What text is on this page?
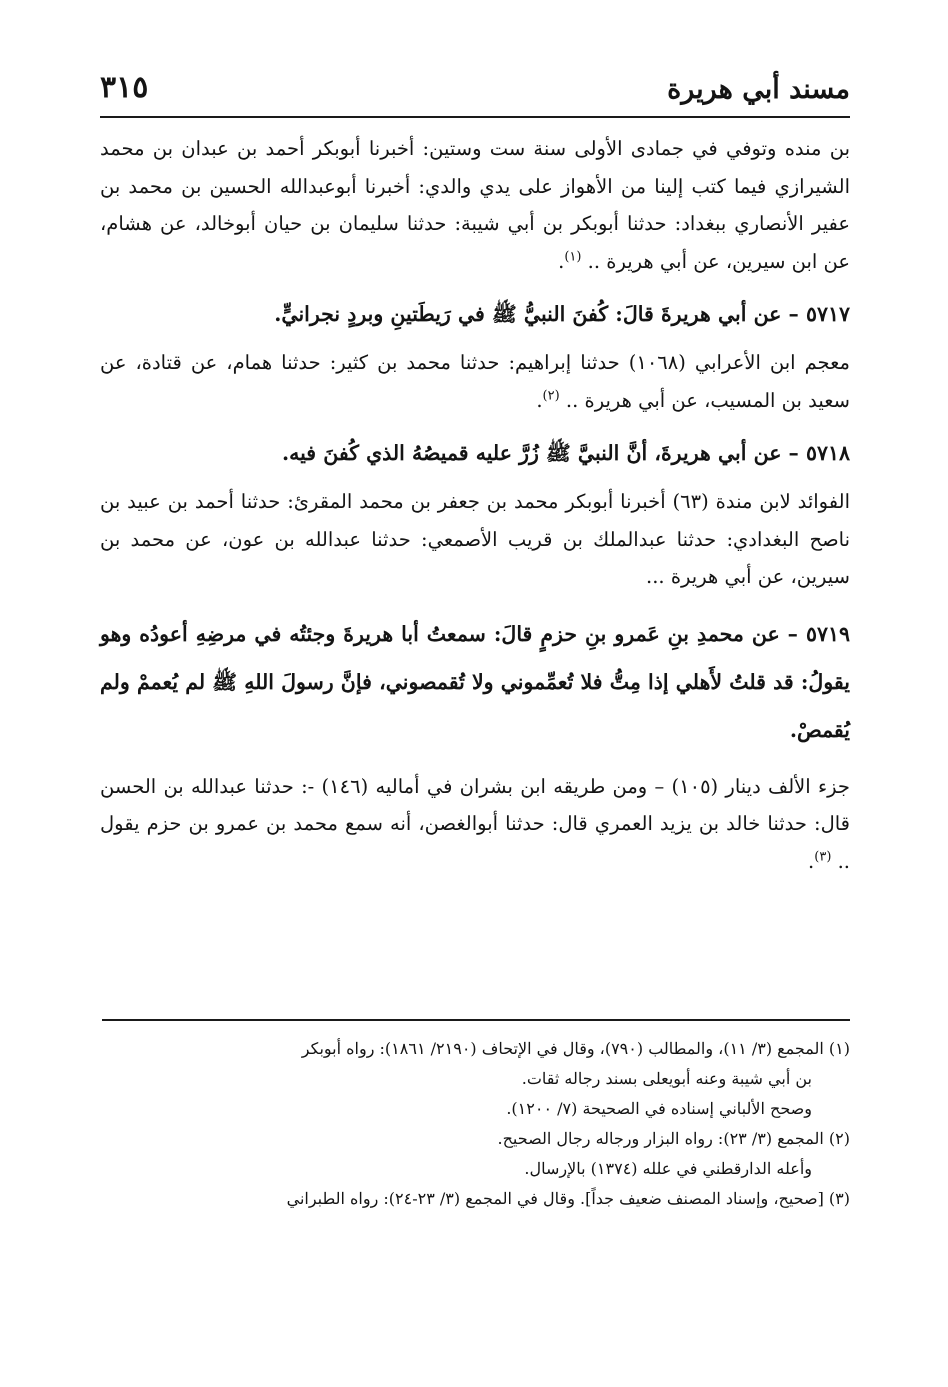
مسند أبي هريرة
٣١٥

بن منده وتوفي في جمادى الأولى سنة ست وستين: أخبرنا أبوبكر أحمد بن عبدان بن محمد الشيرازي فيما كتب إلينا من الأهواز على يدي والدي: أخبرنا أبوعبدالله الحسين بن محمد بن عفير الأنصاري ببغداد: حدثنا أبوبكر بن أبي شيبة: حدثنا سليمان بن حيان أبوخالد، عن هشام، عن ابن سيرين، عن أبي هريرة .. $^{(١)}$.

٥٧١٧ – عن أبي هريرةَ قالَ: كُفنَ النبيُّ ﷺ في رَيطَتينِ وبردٍ نجرانيٍّ.

معجم ابن الأعرابي (١٠٦٨) حدثنا إبراهيم: حدثنا محمد بن كثير: حدثنا همام، عن قتادة، عن سعيد بن المسيب، عن أبي هريرة .. $^{(٢)}$.

٥٧١٨ – عن أبي هريرةَ، أنَّ النبيَّ ﷺ زُرَّ عليه قميصُهُ الذي كُفنَ فيه.

الفوائد لابن مندة (٦٣) أخبرنا أبوبكر محمد بن جعفر بن محمد المقرئ: حدثنا أحمد بن عبيد بن ناصح البغدادي: حدثنا عبدالملك بن قريب الأصمعي: حدثنا عبدالله بن عون، عن محمد بن سيرين، عن أبي هريرة ...

٥٧١٩ – عن محمدِ بنِ عَمرو بنِ حزمٍ قالَ: سمعتُ أبا هريرةَ وجئتُه في مرضِهِ أعودُه وهو يقولُ: قد قلتُ لأَهلي إذا مِتُّ فلا تُعمِّموني ولا تُقمصوني، فإنَّ رسولَ اللهِ ﷺ لم يُعممْ ولم يُقمصْ.

جزء الألف دينار (١٠٥) – ومن طريقه ابن بشران في أماليه (١٤٦) -: حدثنا عبدالله بن الحسن قال: حدثنا خالد بن يزيد العمري قال: حدثنا أبوالغصن، أنه سمع محمد بن عمرو بن حزم يقول .. $^{(٣)}$.

(١) المجمع (٣/ ١١)، والمطالب (٧٩٠)، وقال في الإتحاف (٢١٩٠/ ١٨٦١): رواه أبوبكر

بن أبي شيبة وعنه أبويعلى بسند رجاله ثقات.

وصحح الألباني إسناده في الصحيحة (٧/ ١٢٠٠).

(٢) المجمع (٣/ ٢٣): رواه البزار ورجاله رجال الصحيح.

وأعله الدارقطني في علله (١٣٧٤) بالإرسال.

(٣) [صحيح، وإسناد المصنف ضعيف جداً]. وقال في المجمع (٣/ ٢٣-٢٤): رواه الطبراني
